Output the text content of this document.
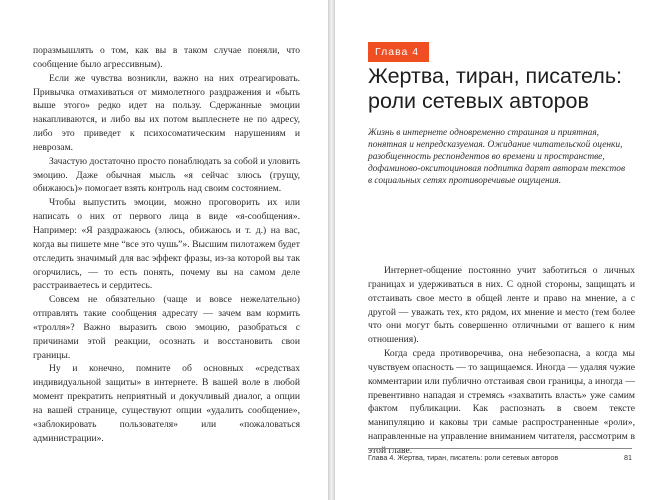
поразмышлять о том, как вы в таком случае поняли, что сообщение было агрессивным).

Если же чувства возникли, важно на них отреагировать. Привычка отмахиваться от мимолетного раздражения и «быть выше этого» редко идет на пользу. Сдержанные эмоции накапливаются, и либо вы их потом выплеснете не по адресу, либо это приведет к психосоматическим нарушениям и неврозам.

Зачастую достаточно просто понаблюдать за собой и уловить эмоцию. Даже обычная мысль «я сейчас злюсь (грущу, обижаюсь)» помогает взять контроль над своим состоянием.

Чтобы выпустить эмоции, можно проговорить их или написать о них от первого лица в виде «я-сообщения». Например: «Я раздражаюсь (злюсь, обижаюсь и т. д.) на вас, когда вы пишете мне “все это чушь”». Высшим пилотажем будет отследить значимый для вас эффект фразы, из-за которой вы так огорчились, — то есть понять, почему вы на самом деле расстраиваетесь и сердитесь.

Совсем не обязательно (чаще и вовсе нежелательно) отправлять такие сообщения адресату — зачем вам кормить «тролля»? Важно выразить свою эмоцию, разобраться с причинами этой реакции, осознать и восстановить свои границы.

Ну и конечно, помните об основных «средствах индивидуальной защиты» в интернете. В вашей воле в любой момент прекратить неприятный и докучливый диалог, а опции на вашей странице, существуют опции «удалить сообщение», «заблокировать пользователя» или «пожаловаться администрации».

Глава 4
Жертва, тиран, писатель: роли сетевых авторов
Жизнь в интернете одновременно страшная и приятная, понятная и непредсказуемая. Ожидание читательской оценки, разобщенность респондентов во времени и пространстве, дофаминово-окситоциновая подпитка дарят авторам текстов в социальных сетях противоречивые ощущения.

Интернет-общение постоянно учит заботиться о личных границах и удерживаться в них. С одной стороны, защищать и отстаивать свое место в общей ленте и право на мнение, а с другой — уважать тех, кто рядом, их мнение и место (тем более что они могут быть совершенно отличными от вашего к ним отношения).

Когда среда противоречива, она небезопасна, а когда мы чувствуем опасность — то защищаемся. Иногда — удаляя чужие комментарии или публично отстаивая свои границы, а иногда — превентивно нападая и стремясь «захватить власть» уже самим фактом публикации. Как распознать в своем тексте манипуляцию и каковы три самые распространенные «роли», направленные на управление вниманием читателя, рассмотрим в этой главе.

Глава 4. Жертва, тиран, писатель: роли сетевых авторов	81
